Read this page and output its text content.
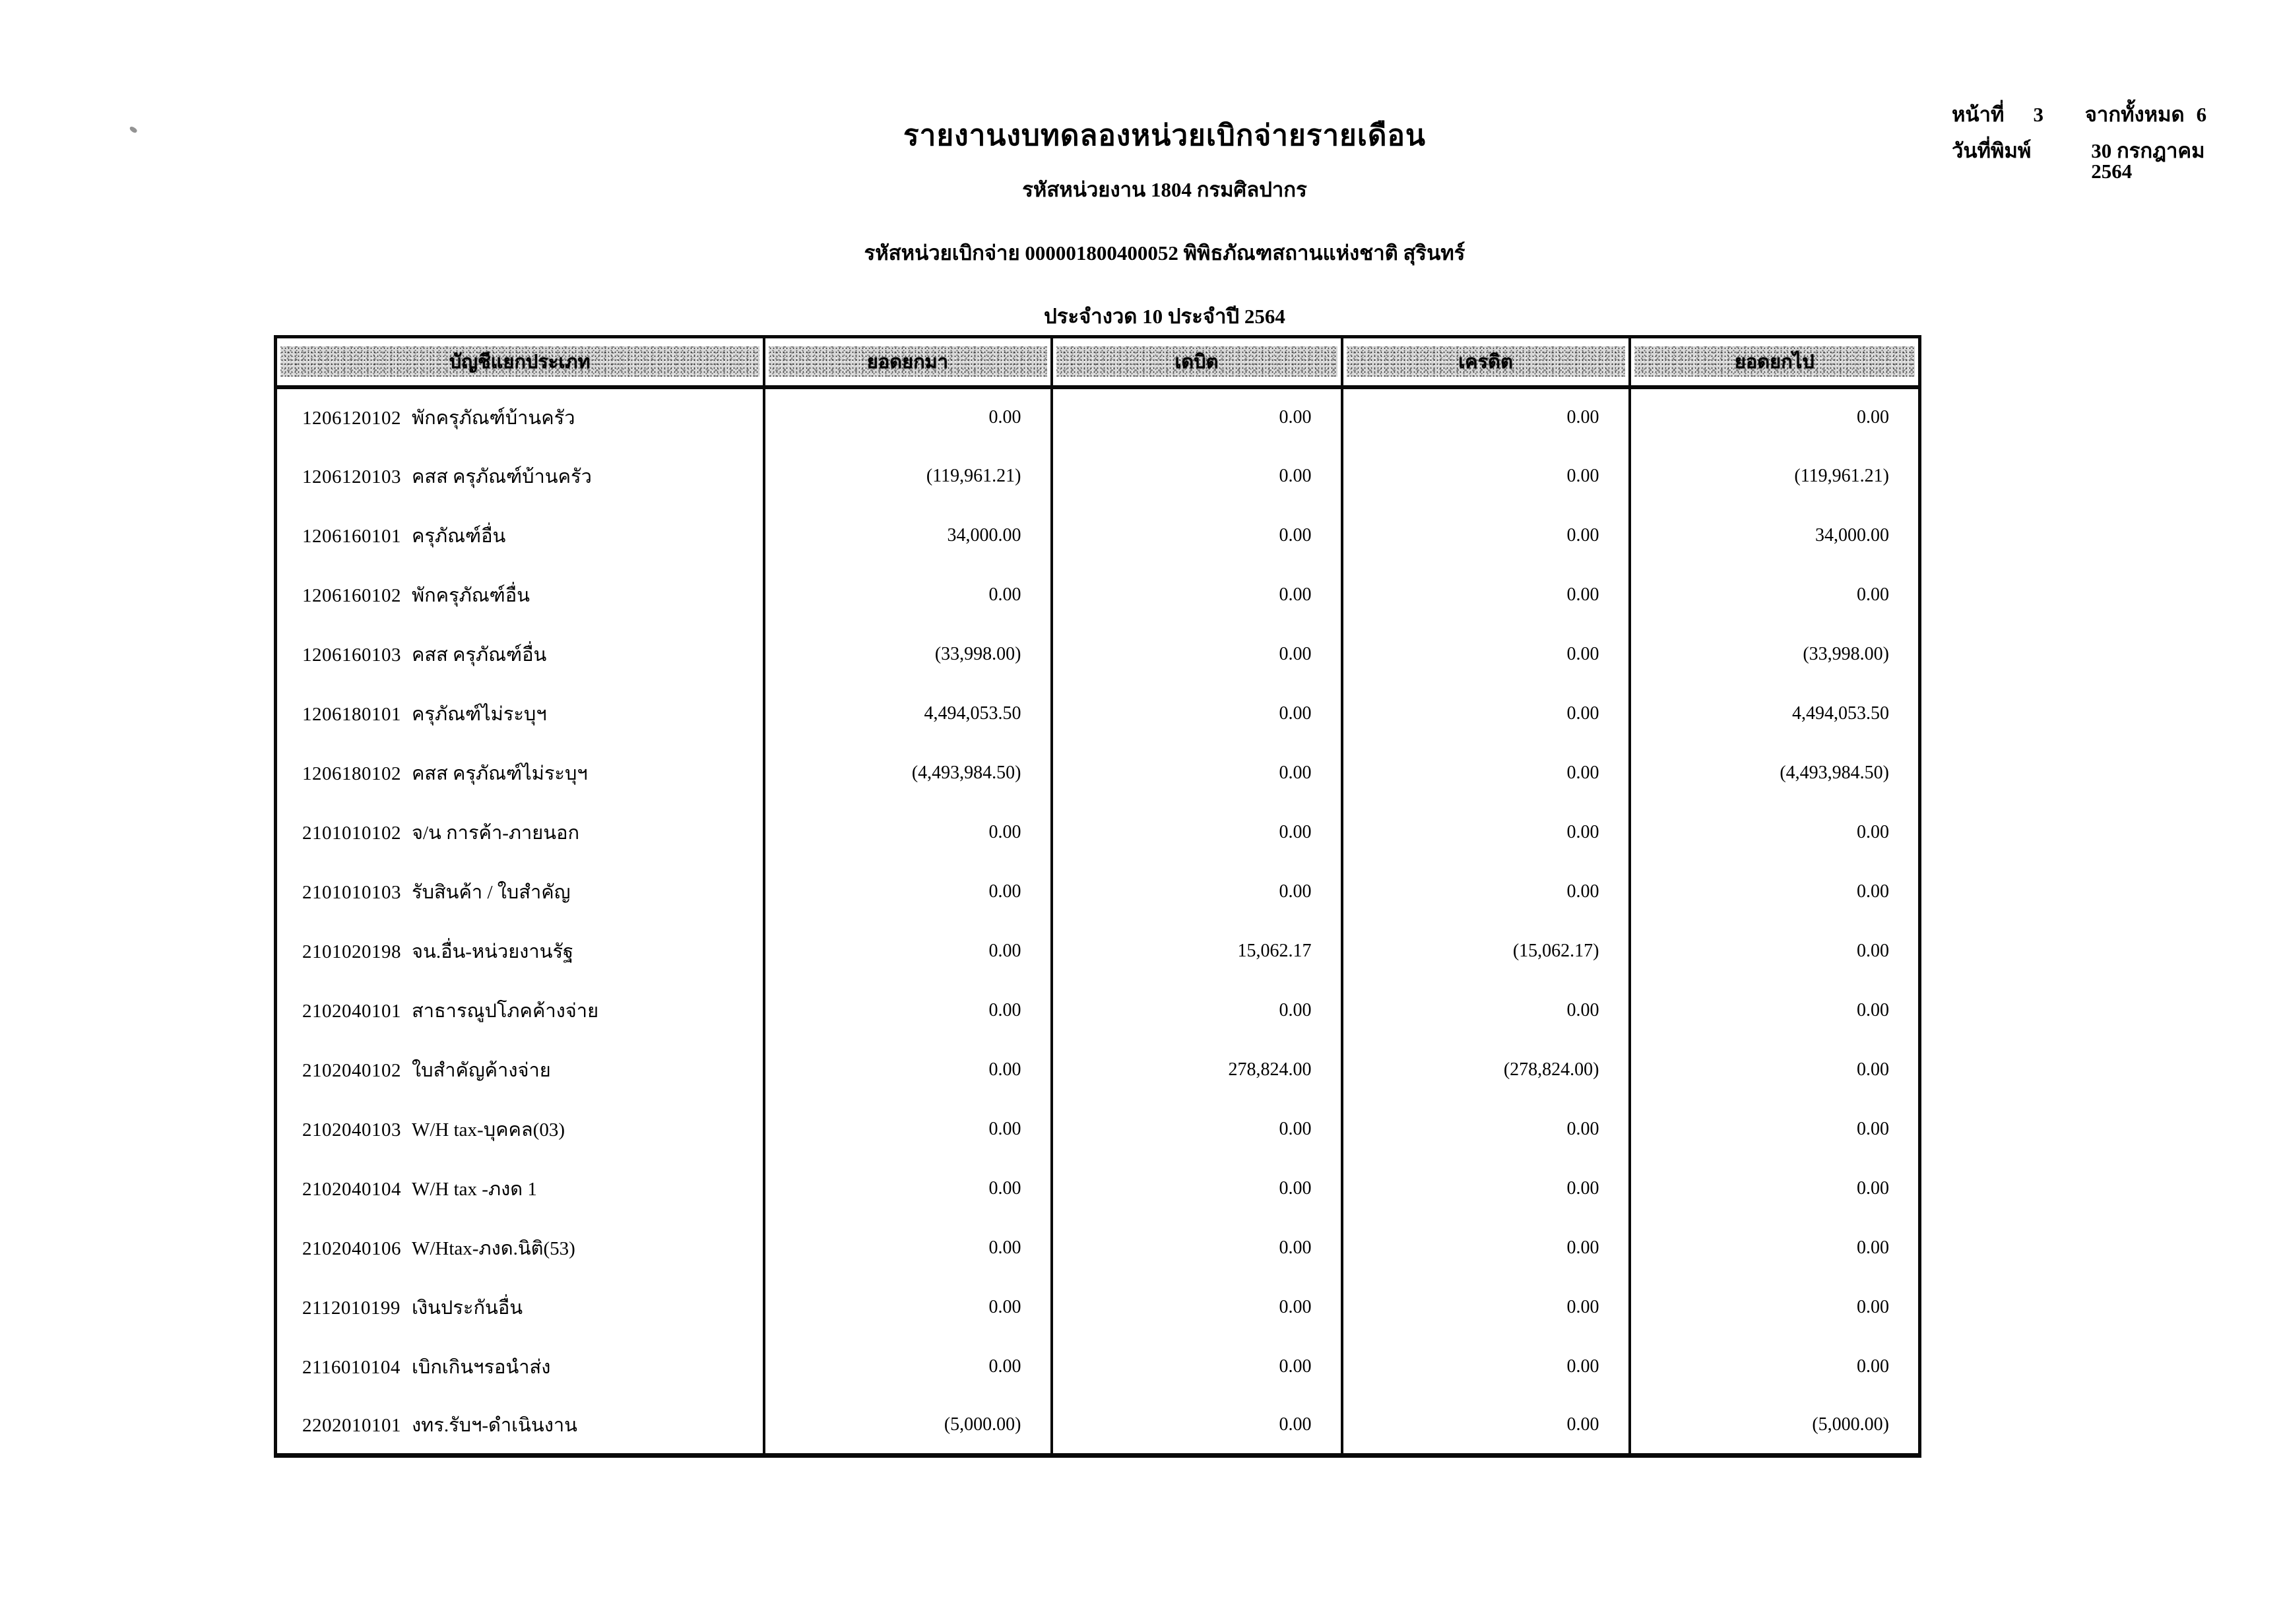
รายงานงบทดลองหน่วยเบิกจ่ายรายเดือน
รหัสหน่วยงาน 1804 กรมศิลปากร
รหัสหน่วยเบิกจ่าย 000001800400052 พิพิธภัณฑสถานแห่งชาติ สุรินทร์
ประจำงวด 10 ประจำปี 2564
หน้าที่	3	จากทั้งหมด 6
วันที่พิมพ์	30 กรกฎาคม 2564
บัญชีแยกประเภท	ยอดยกมา	เดบิต	เครดิต	ยอดยกไป

1206120102 พักครุภัณฑ์บ้านครัว	0.00	0.00	0.00	0.00
1206120103 คสส ครุภัณฑ์บ้านครัว	(119,961.21)	0.00	0.00	(119,961.21)
1206160101 ครุภัณฑ์อื่น	34,000.00	0.00	0.00	34,000.00
1206160102 พักครุภัณฑ์อื่น	0.00	0.00	0.00	0.00
1206160103 คสส ครุภัณฑ์อื่น	(33,998.00)	0.00	0.00	(33,998.00)
1206180101 ครุภัณฑ์ไม่ระบุฯ	4,494,053.50	0.00	0.00	4,494,053.50
1206180102 คสส ครุภัณฑ์ไม่ระบุฯ	(4,493,984.50)	0.00	0.00	(4,493,984.50)
2101010102 จ/น การค้า-ภายนอก	0.00	0.00	0.00	0.00
2101010103 รับสินค้า / ใบสำคัญ	0.00	0.00	0.00	0.00
2101020198 จน.อื่น-หน่วยงานรัฐ	0.00	15,062.17	(15,062.17)	0.00
2102040101 สาธารณูปโภคค้างจ่าย	0.00	0.00	0.00	0.00
2102040102 ใบสำคัญค้างจ่าย	0.00	278,824.00	(278,824.00)	0.00
2102040103 W/H tax-บุคคล(03)	0.00	0.00	0.00	0.00
2102040104 W/H tax -ภงด 1	0.00	0.00	0.00	0.00
2102040106 W/Htax-ภงด.นิติ(53)	0.00	0.00	0.00	0.00
2112010199 เงินประกันอื่น	0.00	0.00	0.00	0.00
2116010104 เบิกเกินฯรอนำส่ง	0.00	0.00	0.00	0.00
2202010101 งทร.รับฯ-ดำเนินงาน	(5,000.00)	0.00	0.00	(5,000.00)
